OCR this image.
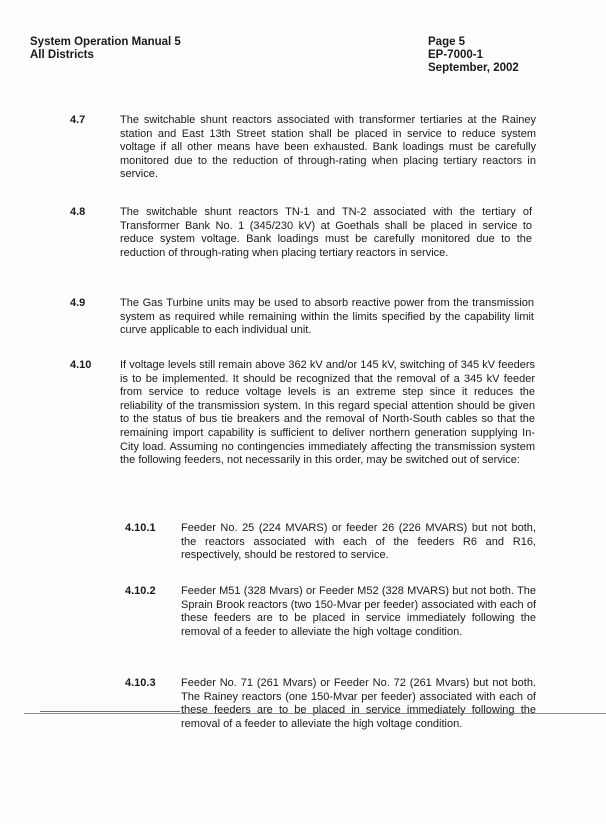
System Operation Manual 5
All Districts
Page 5
EP-7000-1
September, 2002
4.7	The switchable shunt reactors associated with transformer tertiaries at the Rainey station and East 13th Street station shall be placed in service to reduce system voltage if all other means have been exhausted. Bank loadings must be carefully monitored due to the reduction of through-rating when placing tertiary reactors in service.
4.8	The switchable shunt reactors TN-1 and TN-2 associated with the tertiary of Transformer Bank No. 1 (345/230 kV) at Goethals shall be placed in service to reduce system voltage. Bank loadings must be carefully monitored due to the reduction of through-rating when placing tertiary reactors in service.
4.9	The Gas Turbine units may be used to absorb reactive power from the transmission system as required while remaining within the limits specified by the capability limit curve applicable to each individual unit.
4.10	If voltage levels still remain above 362 kV and/or 145 kV, switching of 345 kV feeders is to be implemented. It should be recognized that the removal of a 345 kV feeder from service to reduce voltage levels is an extreme step since it reduces the reliability of the transmission system. In this regard special attention should be given to the status of bus tie breakers and the removal of North-South cables so that the remaining import capability is sufficient to deliver northern generation supplying In-City load. Assuming no contingencies immediately affecting the transmission system the following feeders, not necessarily in this order, may be switched out of service:
4.10.1 Feeder No. 25 (224 MVARS) or feeder 26 (226 MVARS) but not both, the reactors associated with each of the feeders R6 and R16, respectively, should be restored to service.
4.10.2 Feeder M51 (328 Mvars) or Feeder M52 (328 MVARS) but not both. The Sprain Brook reactors (two 150-Mvar per feeder) associated with each of these feeders are to be placed in service immediately following the removal of a feeder to alleviate the high voltage condition.
4.10.3 Feeder No. 71 (261 Mvars) or Feeder No. 72 (261 Mvars) but not both. The Rainey reactors (one 150-Mvar per feeder) associated with each of these feeders are to be placed in service immediately following the removal of a feeder to alleviate the high voltage condition.
